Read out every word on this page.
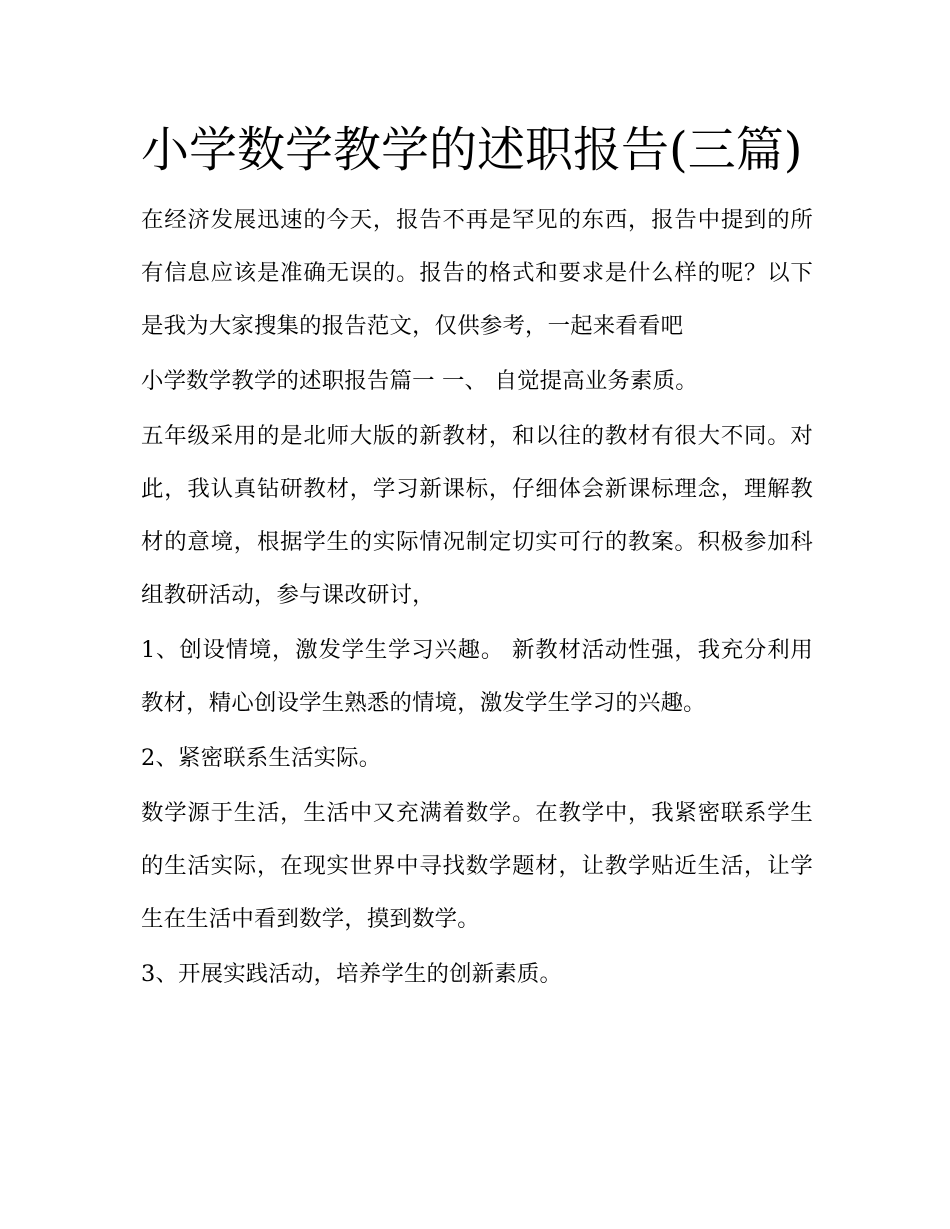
小学数学教学的述职报告(三篇)

在经济发展迅速的今天，报告不再是罕见的东西，报告中提到的所有信息应该是准确无误的。报告的格式和要求是什么样的呢？以下是我为大家搜集的报告范文，仅供参考，一起来看看吧

小学数学教学的述职报告篇一 一、 自觉提高业务素质。

五年级采用的是北师大版的新教材，和以往的教材有很大不同。对此，我认真钻研教材，学习新课标，仔细体会新课标理念，理解教材的意境，根据学生的实际情况制定切实可行的教案。积极参加科组教研活动，参与课改研讨，

1、创设情境，激发学生学习兴趣。 新教材活动性强，我充分利用教材，精心创设学生熟悉的情境，激发学生学习的兴趣。

2、紧密联系生活实际。

数学源于生活，生活中又充满着数学。在教学中，我紧密联系学生的生活实际，在现实世界中寻找数学题材，让教学贴近生活，让学生在生活中看到数学，摸到数学。

3、开展实践活动，培养学生的创新素质。
